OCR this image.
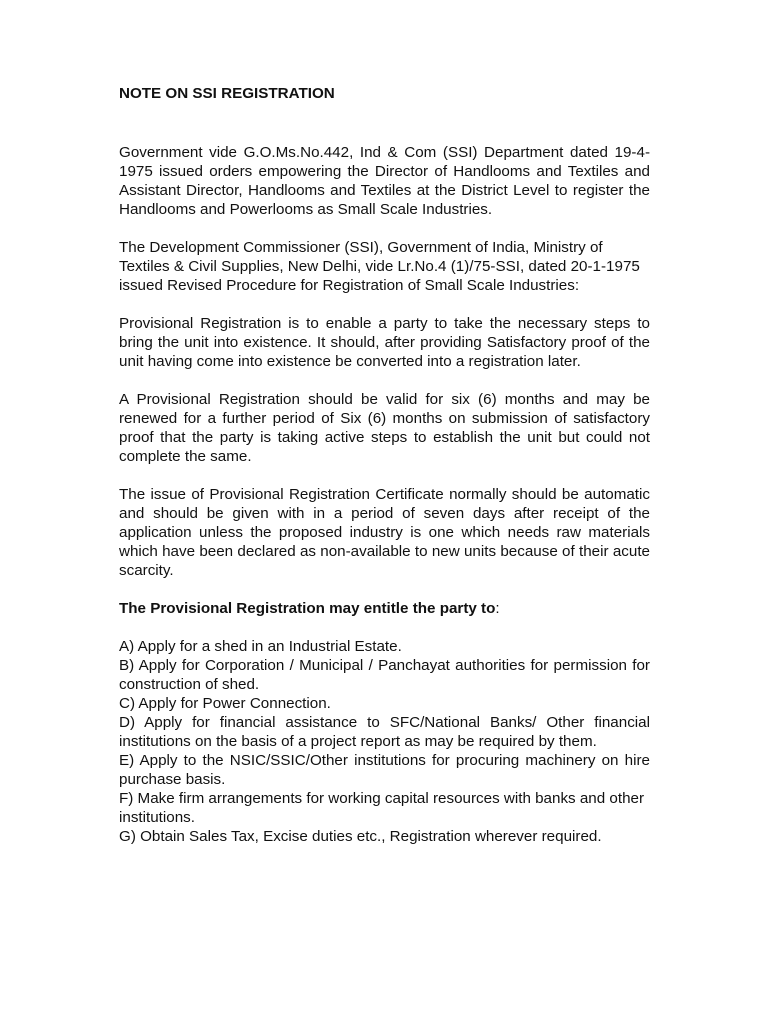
NOTE ON SSI REGISTRATION

Government vide G.O.Ms.No.442, Ind & Com (SSI) Department dated 19-4-1975 issued orders empowering the Director of Handlooms and Textiles and Assistant Director, Handlooms and Textiles at the District Level to register the Handlooms and Powerlooms as Small Scale Industries.

The Development Commissioner (SSI), Government of India, Ministry of Textiles & Civil Supplies, New Delhi, vide Lr.No.4 (1)/75-SSI, dated 20-1-1975 issued Revised Procedure for Registration of Small Scale Industries:

Provisional Registration is to enable a party to take the necessary steps to bring the unit into existence. It should, after providing Satisfactory proof of the unit having come into existence be converted into a registration later.

A Provisional Registration should be valid for six (6) months and may be renewed for a further period of Six (6) months on submission of satisfactory proof that the party is taking active steps to establish the unit but could not complete the same.

The issue of Provisional Registration Certificate normally should be automatic and should be given with in a period of seven days after receipt of the application unless the proposed industry is one which needs raw materials which have been declared as non-available to new units because of their acute scarcity.

The Provisional Registration may entitle the party to:

A) Apply for a shed in an Industrial Estate.
B) Apply for Corporation / Municipal / Panchayat authorities for permission for construction of shed.
C) Apply for Power Connection.
D) Apply for financial assistance to SFC/National Banks/ Other financial institutions on the basis of a project report as may be required by them.
E) Apply to the NSIC/SSIC/Other institutions for procuring machinery on hire purchase basis.
F) Make firm arrangements for working capital resources with banks and other institutions.
G) Obtain Sales Tax, Excise duties etc., Registration wherever required.
